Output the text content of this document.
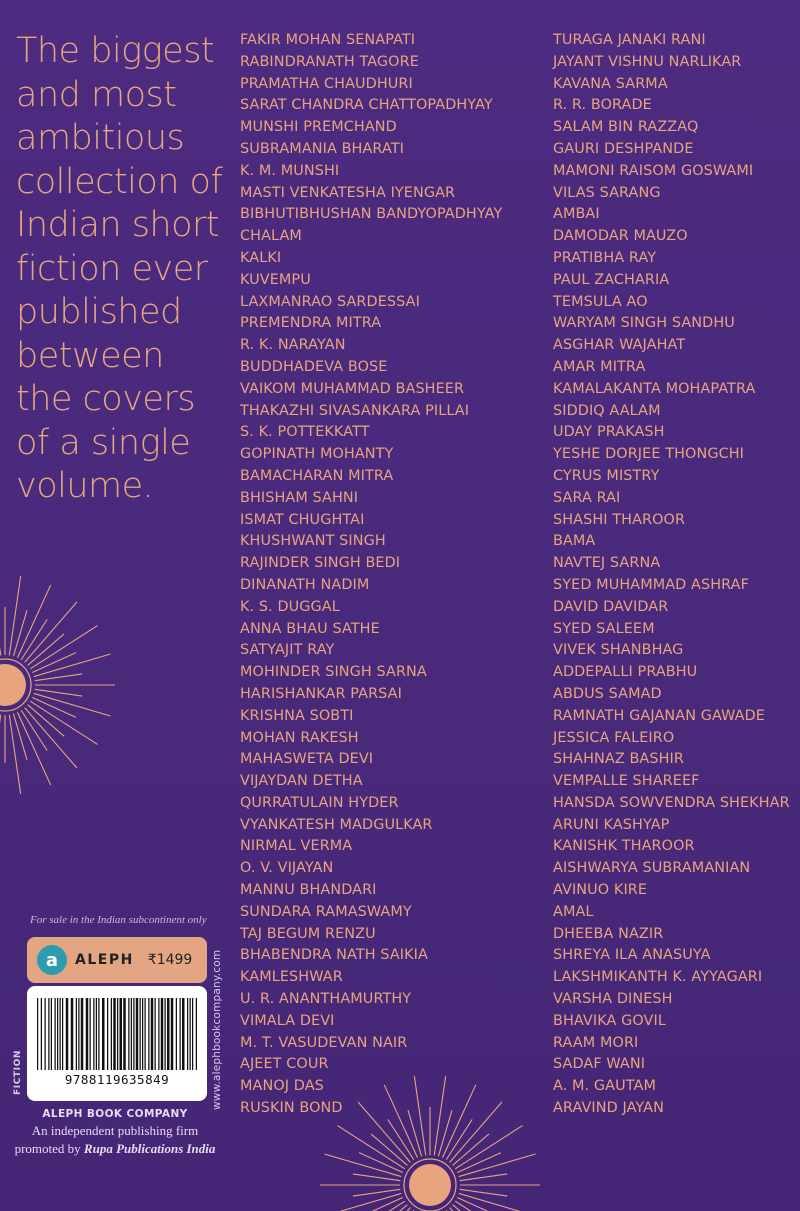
The biggest
and most
ambitious
collection of
Indian short
fiction ever
published
between
the covers
of a single
volume.
FAKIR MOHAN SENAPATI
RABINDRANATH TAGORE
PRAMATHA CHAUDHURI
SARAT CHANDRA CHATTOPADHYAY
MUNSHI PREMCHAND
SUBRAMANIA BHARATI
K. M. MUNSHI
MASTI VENKATESHA IYENGAR
BIBHUTIBHUSHAN BANDYOPADHYAY
CHALAM
KALKI
KUVEMPU
LAXMANRAO SARDESSAI
PREMENDRA MITRA
R. K. NARAYAN
BUDDHADEVA BOSE
VAIKOM MUHAMMAD BASHEER
THAKAZHI SIVASANKARA PILLAI
S. K. POTTEKKATT
GOPINATH MOHANTY
BAMACHARAN MITRA
BHISHAM SAHNI
ISMAT CHUGHTAI
KHUSHWANT SINGH
RAJINDER SINGH BEDI
DINANATH NADIM
K. S. DUGGAL
ANNA BHAU SATHE
SATYAJIT RAY
MOHINDER SINGH SARNA
HARISHANKAR PARSAI
KRISHNA SOBTI
MOHAN RAKESH
MAHASWETA DEVI
VIJAYDAN DETHA
QURRATULAIN HYDER
VYANKATESH MADGULKAR
NIRMAL VERMA
O. V. VIJAYAN
MANNU BHANDARI
SUNDARA RAMASWAMY
TAJ BEGUM RENZU
BHABENDRA NATH SAIKIA
KAMLESHWAR
U. R. ANANTHAMURTHY
VIMALA DEVI
M. T. VASUDEVAN NAIR
AJEET COUR
MANOJ DAS
RUSKIN BOND
TURAGA JANAKI RANI
JAYANT VISHNU NARLIKAR
KAVANA SARMA
R. R. BORADE
SALAM BIN RAZZAQ
GAURI DESHPANDE
MAMONI RAISOM GOSWAMI
VILAS SARANG
AMBAI
DAMODAR MAUZO
PRATIBHA RAY
PAUL ZACHARIA
TEMSULA AO
WARYAM SINGH SANDHU
ASGHAR WAJAHAT
AMAR MITRA
KAMALAKANTA MOHAPATRA
SIDDIQ AALAM
UDAY PRAKASH
YESHE DORJEE THONGCHI
CYRUS MISTRY
SARA RAI
SHASHI THAROOR
BAMA
NAVTEJ SARNA
SYED MUHAMMAD ASHRAF
DAVID DAVIDAR
SYED SALEEM
VIVEK SHANBHAG
ADDEPALLI PRABHU
ABDUS SAMAD
RAMNATH GAJANAN GAWADE
JESSICA FALEIRO
SHAHNAZ BASHIR
VEMPALLE SHAREEF
HANSDA SOWVENDRA SHEKHAR
ARUNI KASHYAP
KANISHK THAROOR
AISHWARYA SUBRAMANIAN
AVINUO KIRE
AMAL
DHEEBA NAZIR
SHREYA ILA ANASUYA
LAKSHMIKANTH K. AYYAGARI
VARSHA DINESH
BHAVIKA GOVIL
RAAM MORI
SADAF WANI
A. M. GAUTAM
ARAVIND JAYAN
For sale in the Indian subcontinent only
a ALEPH ₹1499
9788119635849
FICTION	www.alephbookcompany.com
ALEPH BOOK COMPANY
An independent publishing firm
promoted by Rupa Publications India
